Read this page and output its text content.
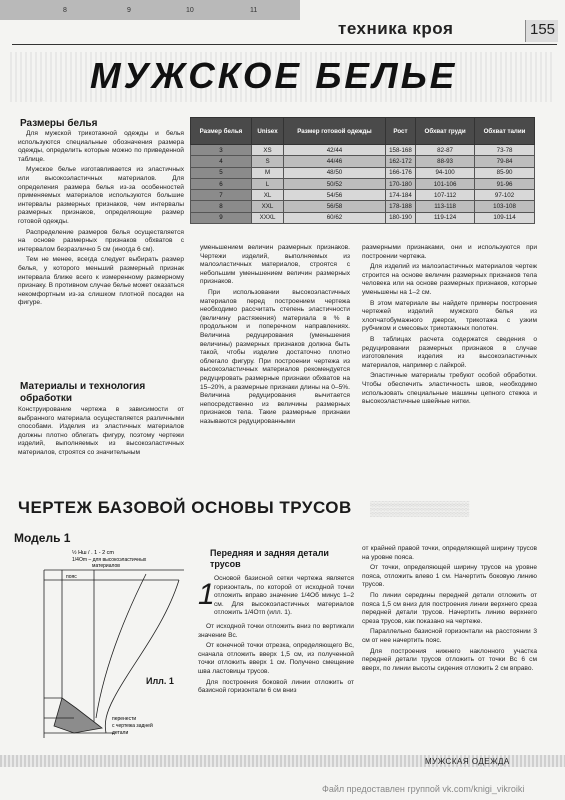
8	9	10	11
техника кроя	155
МУЖСКОЕ БЕЛЬЕ
Размеры белья

Для мужской трикотажной одежды и белья используются специальные обозначения размера одежды, определить которые можно по приведенной таблице.

Мужское белье изготавливается из эластичных или высокоэластичных материалов. Для определения размера белья из-за особенностей применяемых материалов используются большие интервалы размерных признаков, чем интервалы размерных признаков, определяющие размер готовой одежды.

Распределение размеров белья осуществляется на основе размерных признаков обхватов с интервалом безразлично 5 см (иногда 6 см).

Тем не менее, всегда следует выбирать размер белья, у которого меньший размерный признак интервала ближе всего к измеренному размерному признаку. В противном случае белье может оказаться некомфортным из-за слишком плотной посадки на фигуре.

Материалы и технология обработки

Конструирование чертежа в зависимости от выбранного материала осуществляется различными способами. Изделия из эластичных материалов должны плотно облегать фигуру, поэтому чертежи изделий, выполняемых из высокоэластичных материалов, строятся со значительным

Размер белья	Unisex	Размер готовой одежды	Рост	Обхват груди	Обхват талии
3	XS	42/44	158-168	82-87	73-78
4	S	44/46	162-172	88-93	79-84
5	M	48/50	166-176	94-100	85-90
6	L	50/52	170-180	101-106	91-96
7	XL	54/56	174-184	107-112	97-102
8	XXL	56/58	178-188	113-118	103-108
9	XXXL	60/62	180-190	119-124	109-114

уменьшением величин размерных признаков. Чертежи изделий, выполняемых из малоэластичных материалов, строятся с небольшим уменьшением величин размерных признаков.

При использовании высокоэластичных материалов перед построением чертежа необходимо рассчитать степень эластичности (величину растяжения) материала в % в продольном и поперечном направлениях. Величина редуцирования (уменьшения величины) размерных признаков должна быть такой, чтобы изделие достаточно плотно облегало фигуру. При построении чертежа из высокоэластичных материалов рекомендуется редуцировать размерные признаки обхватов на 15–20%, а размерные признаки длины на 0–5%. Величина редуцирования вычитается непосредственно из величины размерных признаков тела. Такие размерные признаки называются редуцированными

размерными признаками, они и используются при построении чертежа.

Для изделий из малоэластичных материалов чертеж строится на основе величин размерных признаков тела человека или на основе размерных признаков, которые уменьшены на 1–2 см.

В этом материале вы найдете примеры построения чертежей изделий мужского белья из хлопчатобумажного джерси, трикотажа с узким рубчиком и смесовых трикотажных полотен.

В таблицах расчета содержатся сведения о редуцировании размерных признаков в случае изготовления изделия из высокоэластичных материалов, например с лайкрой.

Эластичные материалы требуют особой обработки. Чтобы обеспечить эластичность швов, необходимо использовать специальные машины цепного стежка и высокоэластичные швейные нитки.

ЧЕРТЕЖ БАЗОВОЙ ОСНОВЫ ТРУСОВ ▒▒▒▒▒▒▒▒▒▒
Модель 1
½ Нш / . 1 - 2 cm
1/4Om – для высокоэластичных
материалов
пояс
перенести
с чертежа задней
детали
Илл. 1
Передняя и задняя детали трусов
1 Основой базисной сетки чертежа является горизонталь, по которой от исходной точки отложить вправо значение 1/4Об минус 1–2 см. Для высокоэластичных материалов отложить 1/4Отп (илл. 1).

От исходной точки отложить вниз по вертикали значение Вс.

От конечной точки отрезка, определяющего Вс, сначала отложить вверх 1,5 см, из полученной точки отложить вверх 1 см. Получено смещение шва ластовицы трусов.

Для построения боковой линии отложить от базисной горизонтали 6 см вниз

от крайней правой точки, определяющей ширину трусов на уровне пояса.

От точки, определяющей ширину трусов на уровне пояса, отложить влево 1 см. Начертить боковую линию трусов.

По линии середины передней детали отложить от пояса 1,5 см вниз для построения линии верхнего среза передней детали трусов. Начертить линию верхнего среза трусов, как показано на чертеже.

Параллельно базисной горизонтали на расстоянии 3 см от нее начертить пояс.

Для построения нижнего наклонного участка передней детали трусов отложить от точки Вс 6 см вверх, по линии высоты сидения отложить 2 см вправо.

МУЖСКАЯ ОДЕЖДА
Файл предоставлен группой vk.com/knigi_vikroiki
